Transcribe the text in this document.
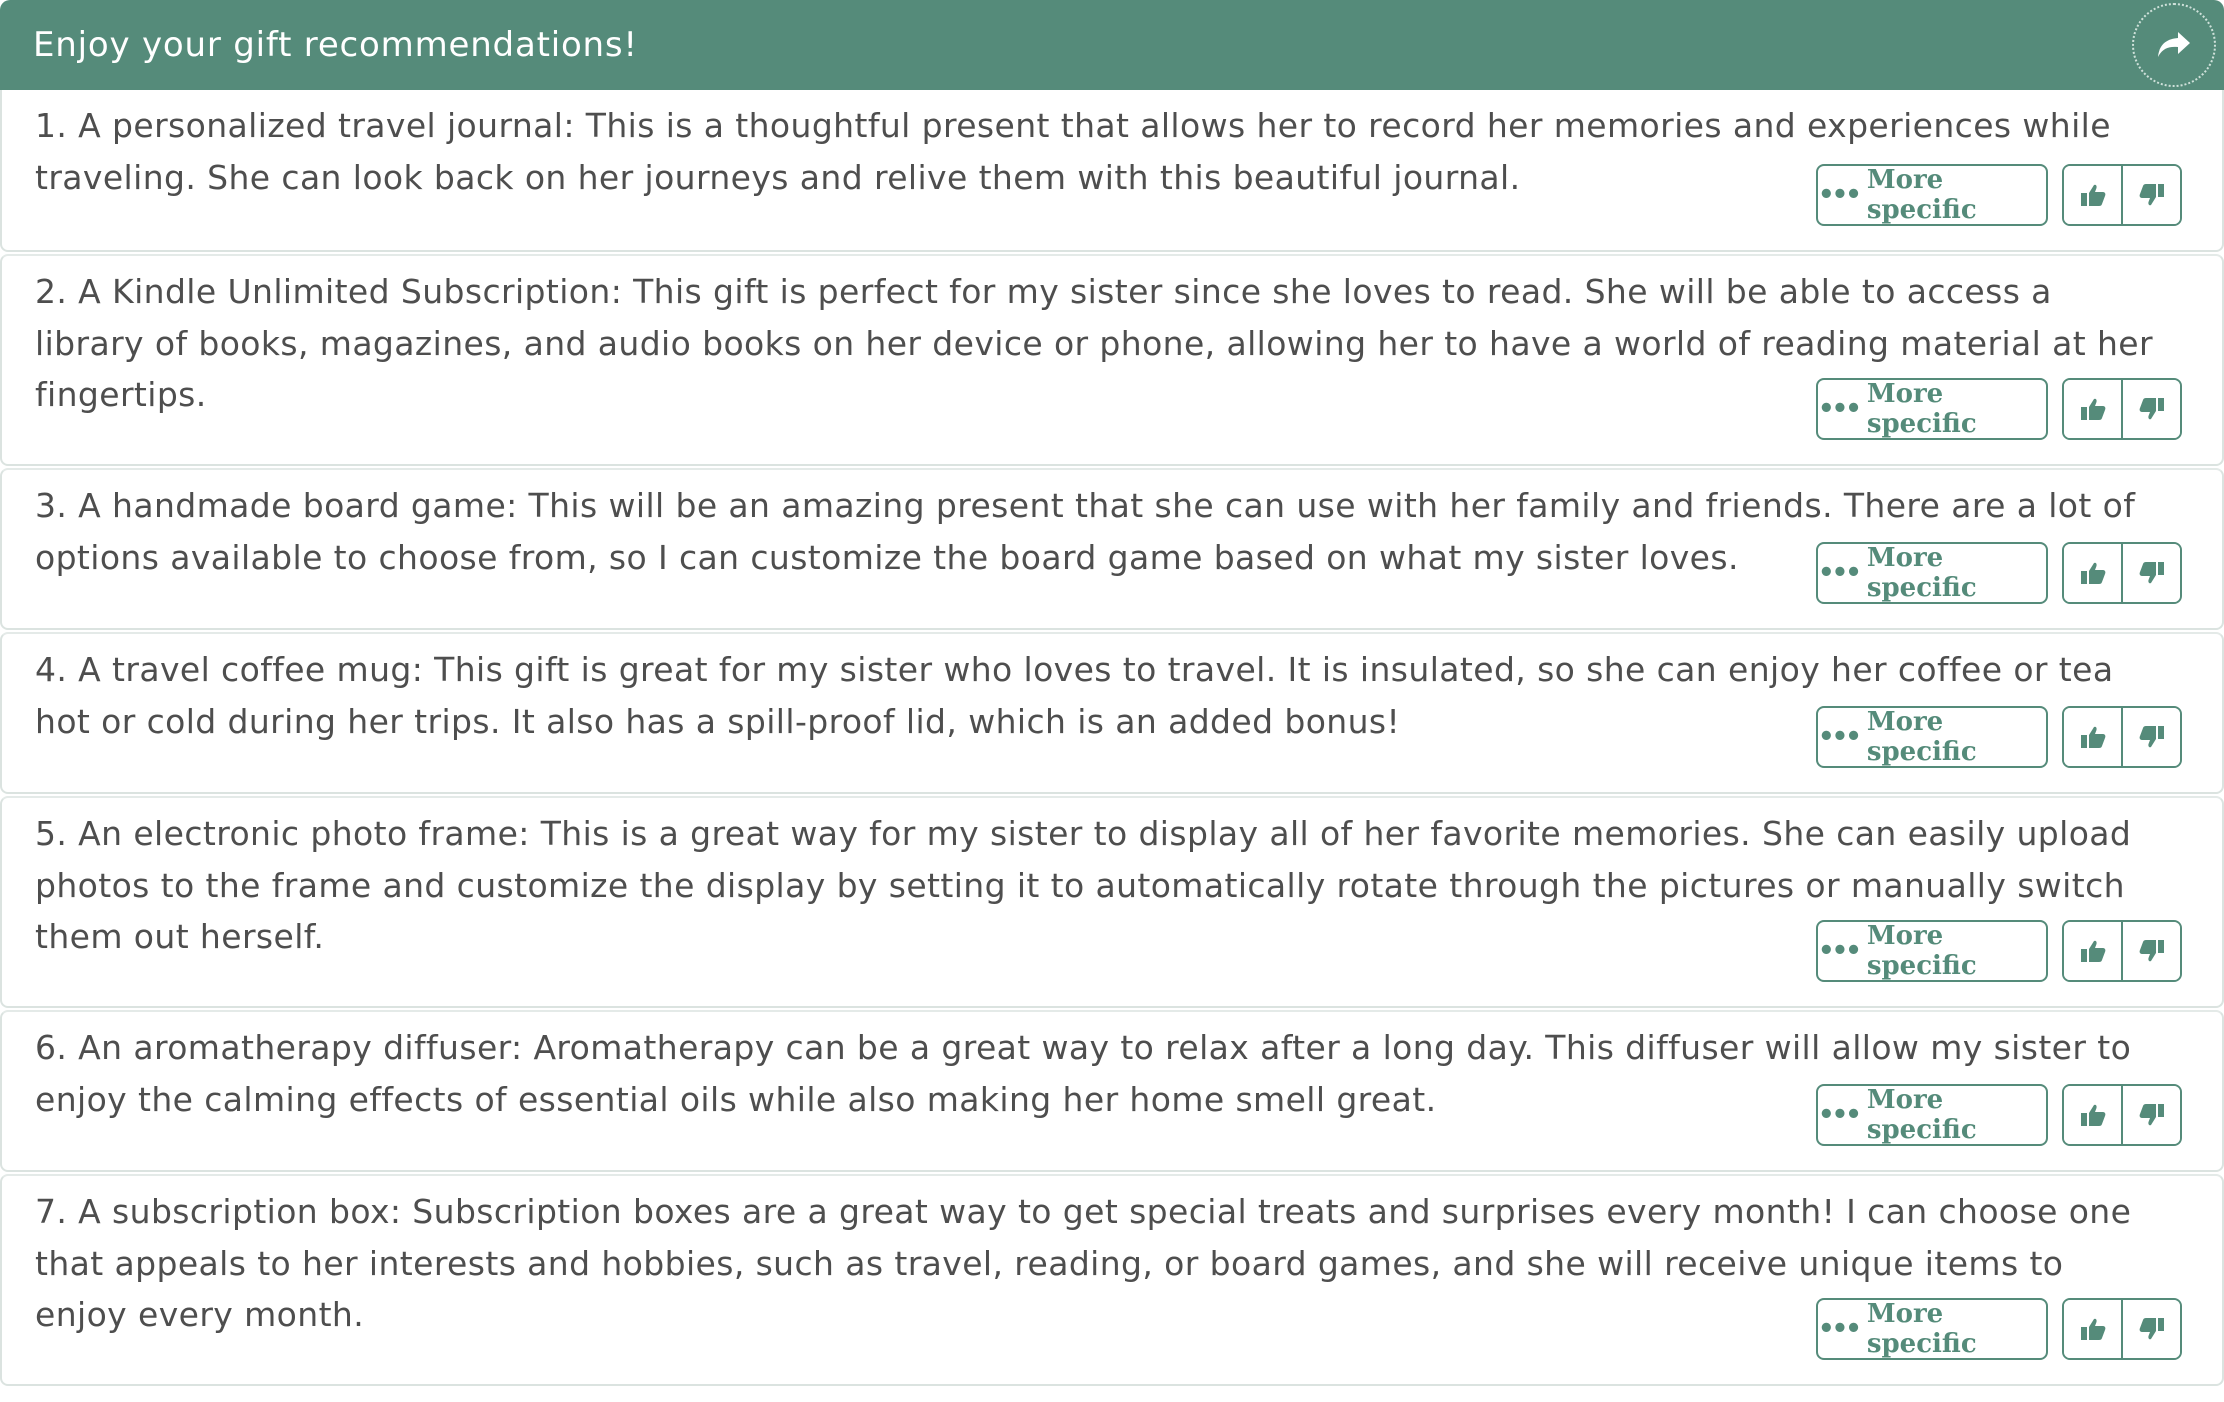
Enjoy your gift recommendations!
1. A personalized travel journal: This is a thoughtful present that allows her to record her memories and experiences while traveling. She can look back on her journeys and relive them with this beautiful journal.	••• More specific
2. A Kindle Unlimited Subscription: This gift is perfect for my sister since she loves to read. She will be able to access a library of books, magazines, and audio books on her device or phone, allowing her to have a world of reading material at her fingertips.	••• More specific
3. A handmade board game: This will be an amazing present that she can use with her family and friends. There are a lot of options available to choose from, so I can customize the board game based on what my sister loves.	••• More specific
4. A travel coffee mug: This gift is great for my sister who loves to travel. It is insulated, so she can enjoy her coffee or tea hot or cold during her trips. It also has a spill-proof lid, which is an added bonus!	••• More specific
5. An electronic photo frame: This is a great way for my sister to display all of her favorite memories. She can easily upload photos to the frame and customize the display by setting it to automatically rotate through the pictures or manually switch them out herself.	••• More specific
6. An aromatherapy diffuser: Aromatherapy can be a great way to relax after a long day. This diffuser will allow my sister to enjoy the calming effects of essential oils while also making her home smell great.	••• More specific
7. A subscription box: Subscription boxes are a great way to get special treats and surprises every month! I can choose one that appeals to her interests and hobbies, such as travel, reading, or board games, and she will receive unique items to enjoy every month.	••• More specific
